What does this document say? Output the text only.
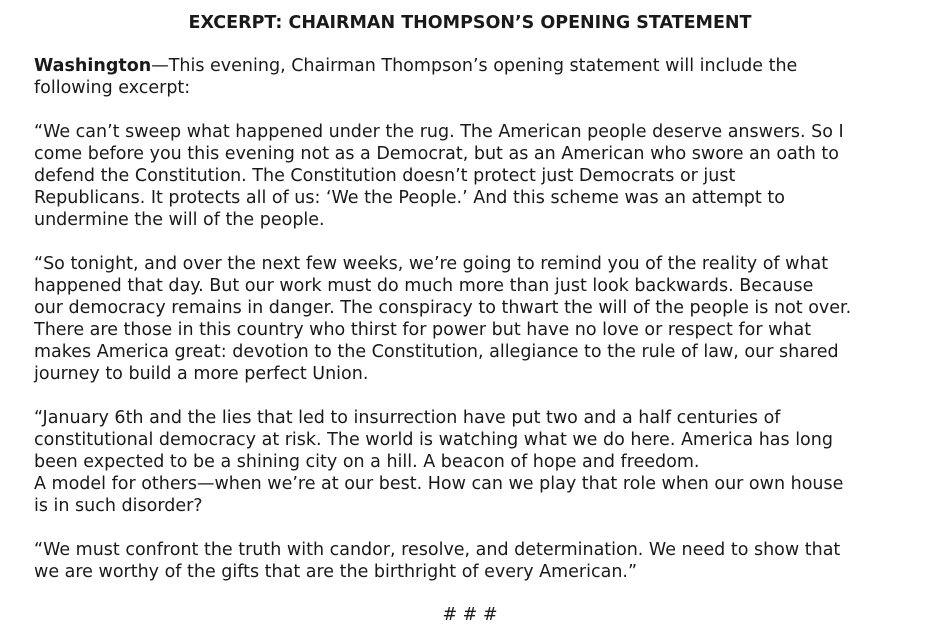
EXCERPT: CHAIRMAN THOMPSON’S OPENING STATEMENT
Washington—This evening, Chairman Thompson’s opening statement will include the
following excerpt:
“We can’t sweep what happened under the rug. The American people deserve answers. So I
come before you this evening not as a Democrat, but as an American who swore an oath to
defend the Constitution. The Constitution doesn’t protect just Democrats or just
Republicans. It protects all of us: ‘We the People.’ And this scheme was an attempt to
undermine the will of the people.
“So tonight, and over the next few weeks, we’re going to remind you of the reality of what
happened that day. But our work must do much more than just look backwards. Because
our democracy remains in danger. The conspiracy to thwart the will of the people is not over.
There are those in this country who thirst for power but have no love or respect for what
makes America great: devotion to the Constitution, allegiance to the rule of law, our shared
journey to build a more perfect Union.
“January 6th and the lies that led to insurrection have put two and a half centuries of
constitutional democracy at risk. The world is watching what we do here. America has long
been expected to be a shining city on a hill. A beacon of hope and freedom.
A model for others—when we’re at our best. How can we play that role when our own house
is in such disorder?
“We must confront the truth with candor, resolve, and determination. We need to show that
we are worthy of the gifts that are the birthright of every American.”
# # #
